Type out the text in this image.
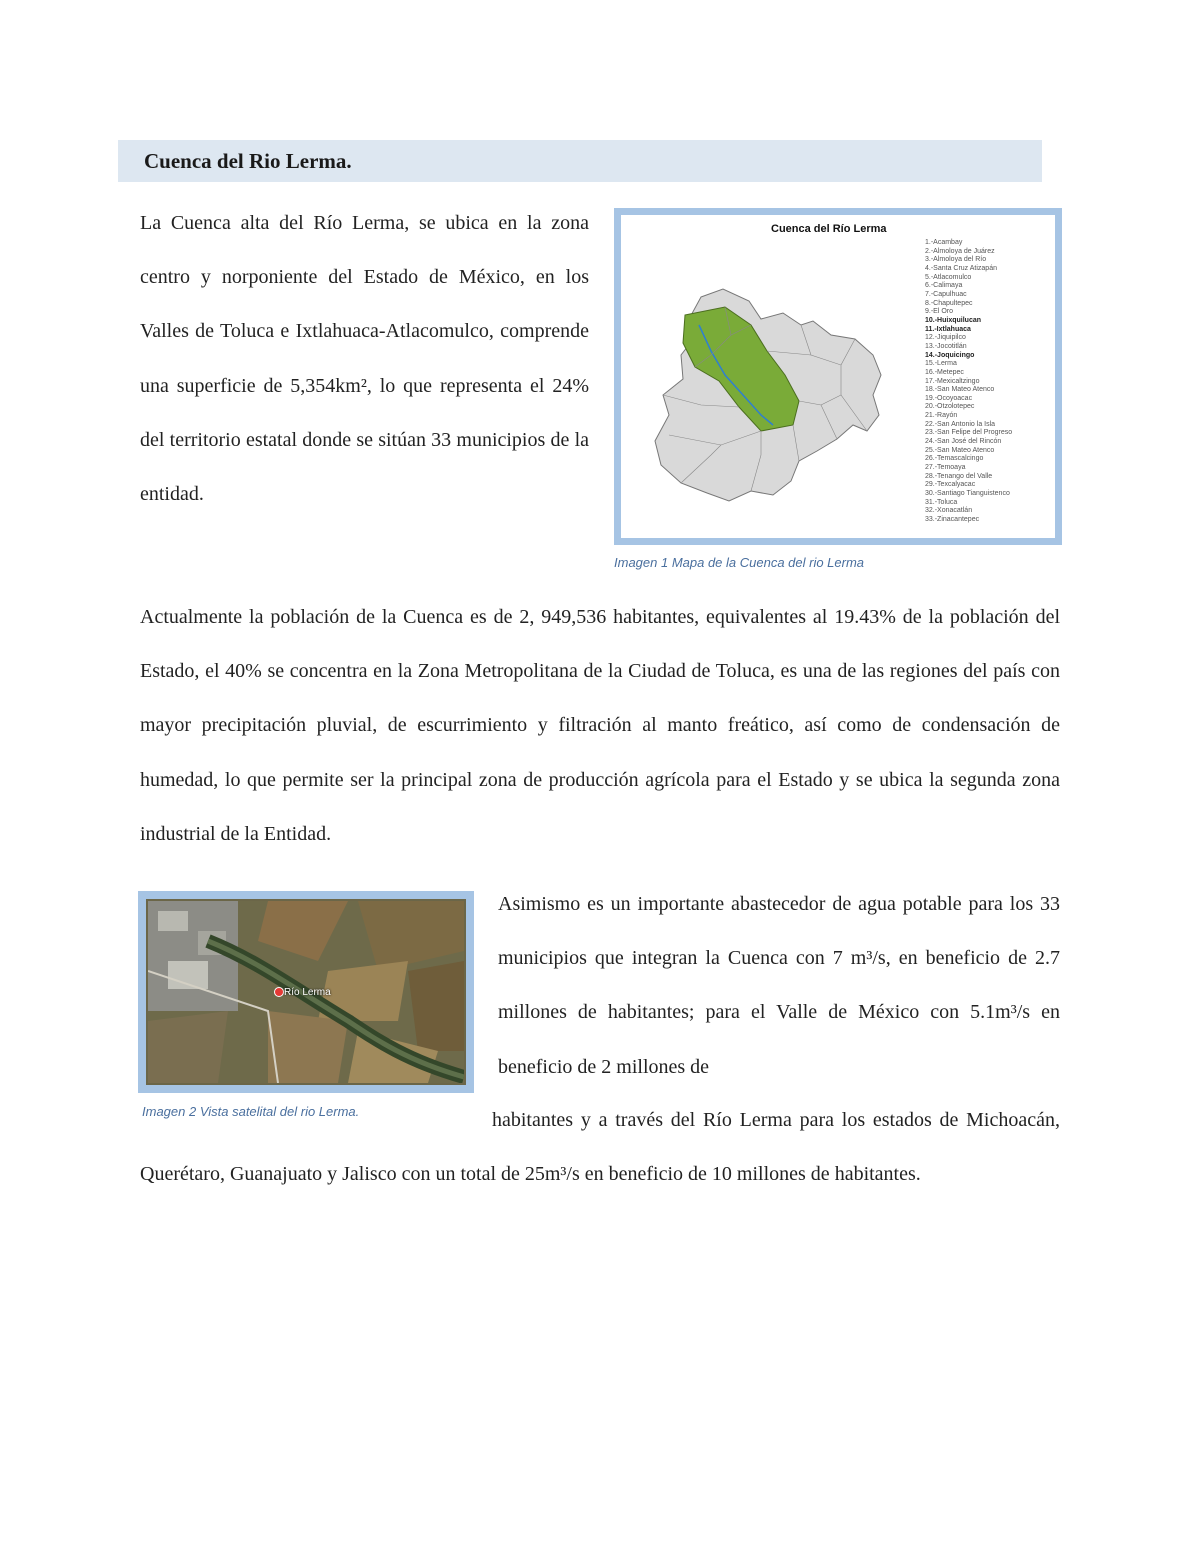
Cuenca del Rio Lerma.

La Cuenca alta del Río Lerma, se ubica en la zona centro y norponiente del Estado de México, en los Valles de Toluca e Ixtlahuaca-Atlacomulco, comprende una superficie de 5,354km², lo que representa el 24% del territorio estatal donde se sitúan 33 municipios de la entidad.

Cuenca del Río Lerma
1.-Acambay
2.-Almoloya de Juárez
3.-Almoloya del Río
4.-Santa Cruz Atizapán
5.-Atlacomulco
6.-Calimaya
7.-Capulhuac
8.-Chapultepec
9.-El Oro
10.-Huixquilucan
11.-Ixtlahuaca
12.-Jiquipilco
13.-Jocotitlán
14.-Joquicingo
15.-Lerma
16.-Metepec
17.-Mexicaltzingo
18.-San Mateo Atenco
19.-Ocoyoacac
20.-Otzolotepec
21.-Rayón
22.-San Antonio la Isla
23.-San Felipe del Progreso
24.-San José del Rincón
25.-San Mateo Atenco
26.-Temascalcingo
27.-Temoaya
28.-Tenango del Valle
29.-Texcalyacac
30.-Santiago Tianguistenco
31.-Toluca
32.-Xonacatlán
33.-Zinacantepec
Imagen 1 Mapa de la Cuenca del rio Lerma

Actualmente la población de la Cuenca es de 2, 949,536 habitantes, equivalentes al 19.43% de la población del Estado, el 40% se concentra en la Zona Metropolitana de la Ciudad de Toluca, es una de las regiones del país con mayor precipitación pluvial, de escurrimiento y filtración al manto freático, así como de condensación de humedad, lo que permite ser la principal zona de producción agrícola para el Estado y se ubica la segunda zona industrial de la Entidad.

Río Lerma
Imagen 2 Vista satelital del rio Lerma.

Asimismo es un importante abastecedor de agua potable para los 33 municipios que integran la Cuenca con 7 m³/s, en beneficio de 2.7 millones de habitantes; para el Valle de México con 5.1m³/s en beneficio de 2 millones de

habitantes y a través del Río Lerma para los estados de Michoacán, Querétaro, Guanajuato y Jalisco con un total de 25m³/s en beneficio de 10 millones de habitantes.
